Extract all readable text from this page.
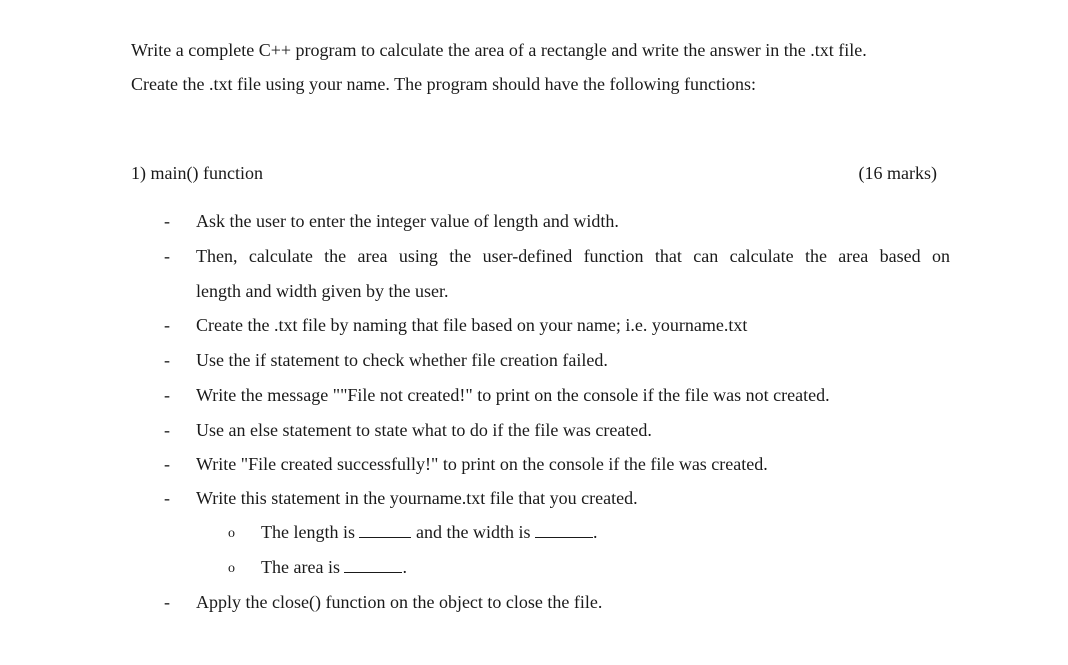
Write a complete C++ program to calculate the area of a rectangle and write the answer in the .txt file.
Create the .txt file using your name. The program should have the following functions:
1) main() function	(16 marks)
- Ask the user to enter the integer value of length and width.
- Then, calculate the area using the user-defined function that can calculate the area based on
length and width given by the user.
- Create the .txt file by naming that file based on your name; i.e. yourname.txt
- Use the if statement to check whether file creation failed.
- Write the message ""File not created!" to print on the console if the file was not created.
- Use an else statement to state what to do if the file was created.
- Write "File created successfully!" to print on the console if the file was created.
- Write this statement in the yourname.txt file that you created.
o The length is	and the width is	.
o The area is	.
- Apply the close() function on the object to close the file.
